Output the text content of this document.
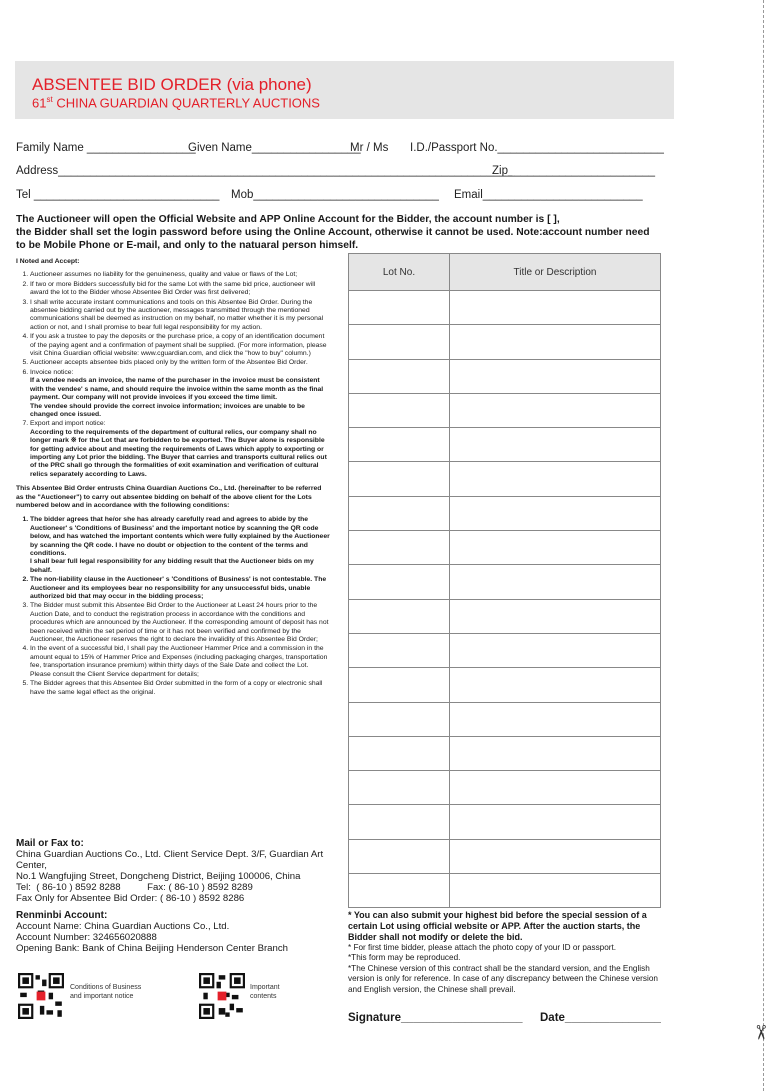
✂
ABSENTEE BID ORDER (via phone)
61st CHINA GUARDIAN QUARTERLY AUCTIONS
Family Name _________________
Given Name_________________
Mr / Ms I.D./Passport No.__________________________
Address_______________________________________________________________________
Zip_______________________
Tel _____________________________ Mob_____________________________ Email_________________________
The Auctioneer will open the Official Website and APP Online Account for the Bidder, the account number is [ ],
the Bidder shall set the login password before using the Online Account, otherwise it cannot be used. Note:account number need
to be Mobile Phone or E-mail, and only to the natuaral person himself.
I Noted and Accept:
1. Auctioneer assumes no liability for the genuineness, quality and value or flaws of the Lot;
2. If two or more Bidders successfully bid for the same Lot with the same bid price, auctioneer will award the lot to the Bidder whose Absentee Bid Order was first delivered;
3. I shall write accurate instant communications and tools on this Absentee Bid Order. During the absentee bidding carried out by the auctioneer, messages transmitted through the mentioned communications shall be deemed as instruction on my behalf, no matter whether it is my personal action or not, and I shall promise to bear full legal responsibility for my action.
4. If you ask a trustee to pay the deposits or the purchase price, a copy of an identification document of the paying agent and a confirmation of payment shall be supplied. (For more information, please visit China Guardian official website: www.cguardian.com, and click the "how to buy" column.)
5. Auctioneer accepts absentee bids placed only by the written form of the Absentee Bid Order.
6. Invoice notice:
If a vendee needs an invoice, the name of the purchaser in the invoice must be consistent with the vendee' s name, and should require the invoice within the same month as the final payment. Our company will not provide invoices if you exceed the time limit.
The vendee should provide the correct invoice information; invoices are unable to be changed once issued.
7. Export and import notice:
According to the requirements of the department of cultural relics, our company shall no longer mark ※ for the Lot that are forbidden to be exported. The Buyer alone is responsible for getting advice about and meeting the requirements of Laws which apply to exporting or importing any Lot prior the bidding. The Buyer that carries and transports cultural relics out of the PRC shall go through the formalities of exit examination and verification of cultural relics separately according to Laws.
This Absentee Bid Order entrusts China Guardian Auctions Co., Ltd. (hereinafter to be referred as the "Auctioneer") to carry out absentee bidding on behalf of the above client for the Lots numbered below and in accordance with the following conditions:
1. The bidder agrees that he/or she has already carefully read and agrees to abide by the Auctioneer' s 'Conditions of Business' and the important notice by scanning the QR code below, and has watched the important contents which were fully explained by the Auctioneer by scanning the QR code. I have no doubt or objection to the content of the terms and conditions.
I shall bear full legal responsibility for any bidding result that the Auctioneer bids on my behalf.
2. The non-liability clause in the Auctioneer' s 'Conditions of Business' is not contestable. The Auctioneer and its employees bear no responsibility for any unsuccessful bids, unable authorized bid that may occur in the bidding process;
3. The Bidder must submit this Absentee Bid Order to the Auctioneer at Least 24 hours prior to the Auction Date, and to conduct the registration process in accordance with the conditions and procedures which are announced by the Auctioneer. If the corresponding amount of deposit has not been received within the set period of time or it has not been verified and confirmed by the Auctioneer, the Auctioneer reserves the right to declare the invalidity of this Absentee Bid Order;
4. In the event of a successful bid, I shall pay the Auctioneer Hammer Price and a commission in the amount equal to 15% of Hammer Price and Expenses (including packaging charges, transportation fee, transportation insurance premium) within thirty days of the Sale Date and collect the Lot. Please consult the Client Service department for details;
5. The Bidder agrees that this Absentee Bid Order submitted in the form of a copy or electronic shall have the same legal effect as the original.
Mail or Fax to:
China Guardian Auctions Co., Ltd. Client Service Dept. 3/F, Guardian Art Center,
No.1 Wangfujing Street, Dongcheng District, Beijing 100006, China
Tel:  ( 86-10 ) 8592 8288          Fax: ( 86-10 ) 8592 8289
Fax Only for Absentee Bid Order: ( 86-10 ) 8592 8286
Renminbi Account:
Account Name: China Guardian Auctions Co., Ltd.
Account Number: 324656020888
Opening Bank: Bank of China Beijing Henderson Center Branch
Conditions of Business
and important notice
Important
contents
Lot No.	Title or Description

* You can also submit your highest bid before the special session of a certain Lot using official website or APP. After the auction starts, the Bidder shall not modify or delete the bid.
* For first time bidder, please attach the photo copy of your ID or passport.
*This form may be reproduced.
*The Chinese version of this contract shall be the standard version, and the English version is only for reference. In case of any discrepancy between the Chinese version and English version, the Chinese shall prevail.
Signature___________________ Date_______________
